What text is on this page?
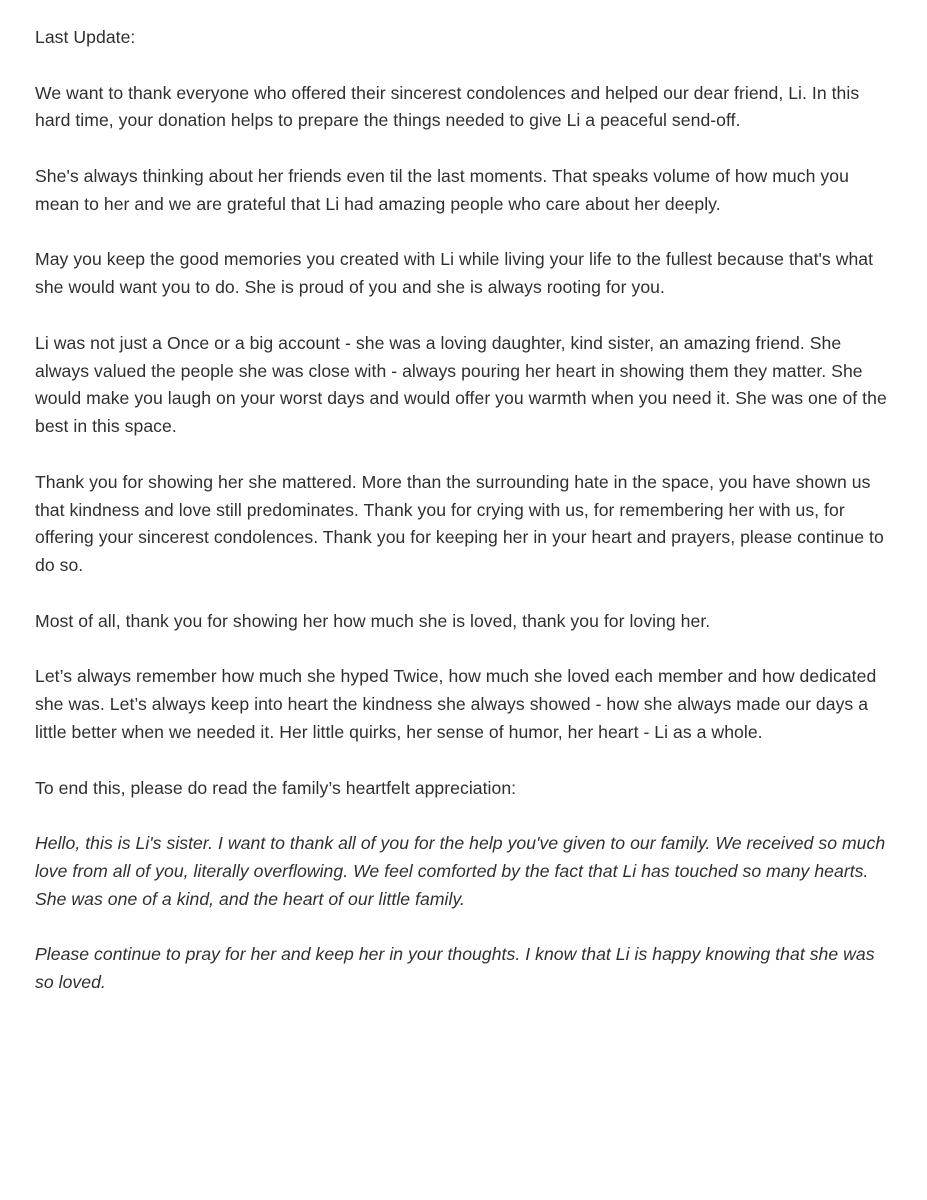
Last Update:

We want to thank everyone who offered their sincerest condolences and helped our dear friend, Li. In this hard time, your donation helps to prepare the things needed to give Li a peaceful send-off.

She's always thinking about her friends even til the last moments. That speaks volume of how much you mean to her and we are grateful that Li had amazing people who care about her deeply.

May you keep the good memories you created with Li while living your life to the fullest because that's what she would want you to do. She is proud of you and she is always rooting for you.

Li was not just a Once or a big account - she was a loving daughter, kind sister, an amazing friend. She always valued the people she was close with - always pouring her heart in showing them they matter. She would make you laugh on your worst days and would offer you warmth when you need it. She was one of the best in this space.

Thank you for showing her she mattered. More than the surrounding hate in the space, you have shown us that kindness and love still predominates. Thank you for crying with us, for remembering her with us, for offering your sincerest condolences. Thank you for keeping her in your heart and prayers, please continue to do so.

Most of all, thank you for showing her how much she is loved, thank you for loving her.

Let’s always remember how much she hyped Twice, how much she loved each member and how dedicated she was. Let’s always keep into heart the kindness she always showed - how she always made our days a little better when we needed it. Her little quirks, her sense of humor, her heart - Li as a whole.

To end this, please do read the family’s heartfelt appreciation:

Hello, this is Li's sister. I want to thank all of you for the help you've given to our family. We received so much love from all of you, literally overflowing. We feel comforted by the fact that Li has touched so many hearts. She was one of a kind, and the heart of our little family.

Please continue to pray for her and keep her in your thoughts. I know that Li is happy knowing that she was so loved.
